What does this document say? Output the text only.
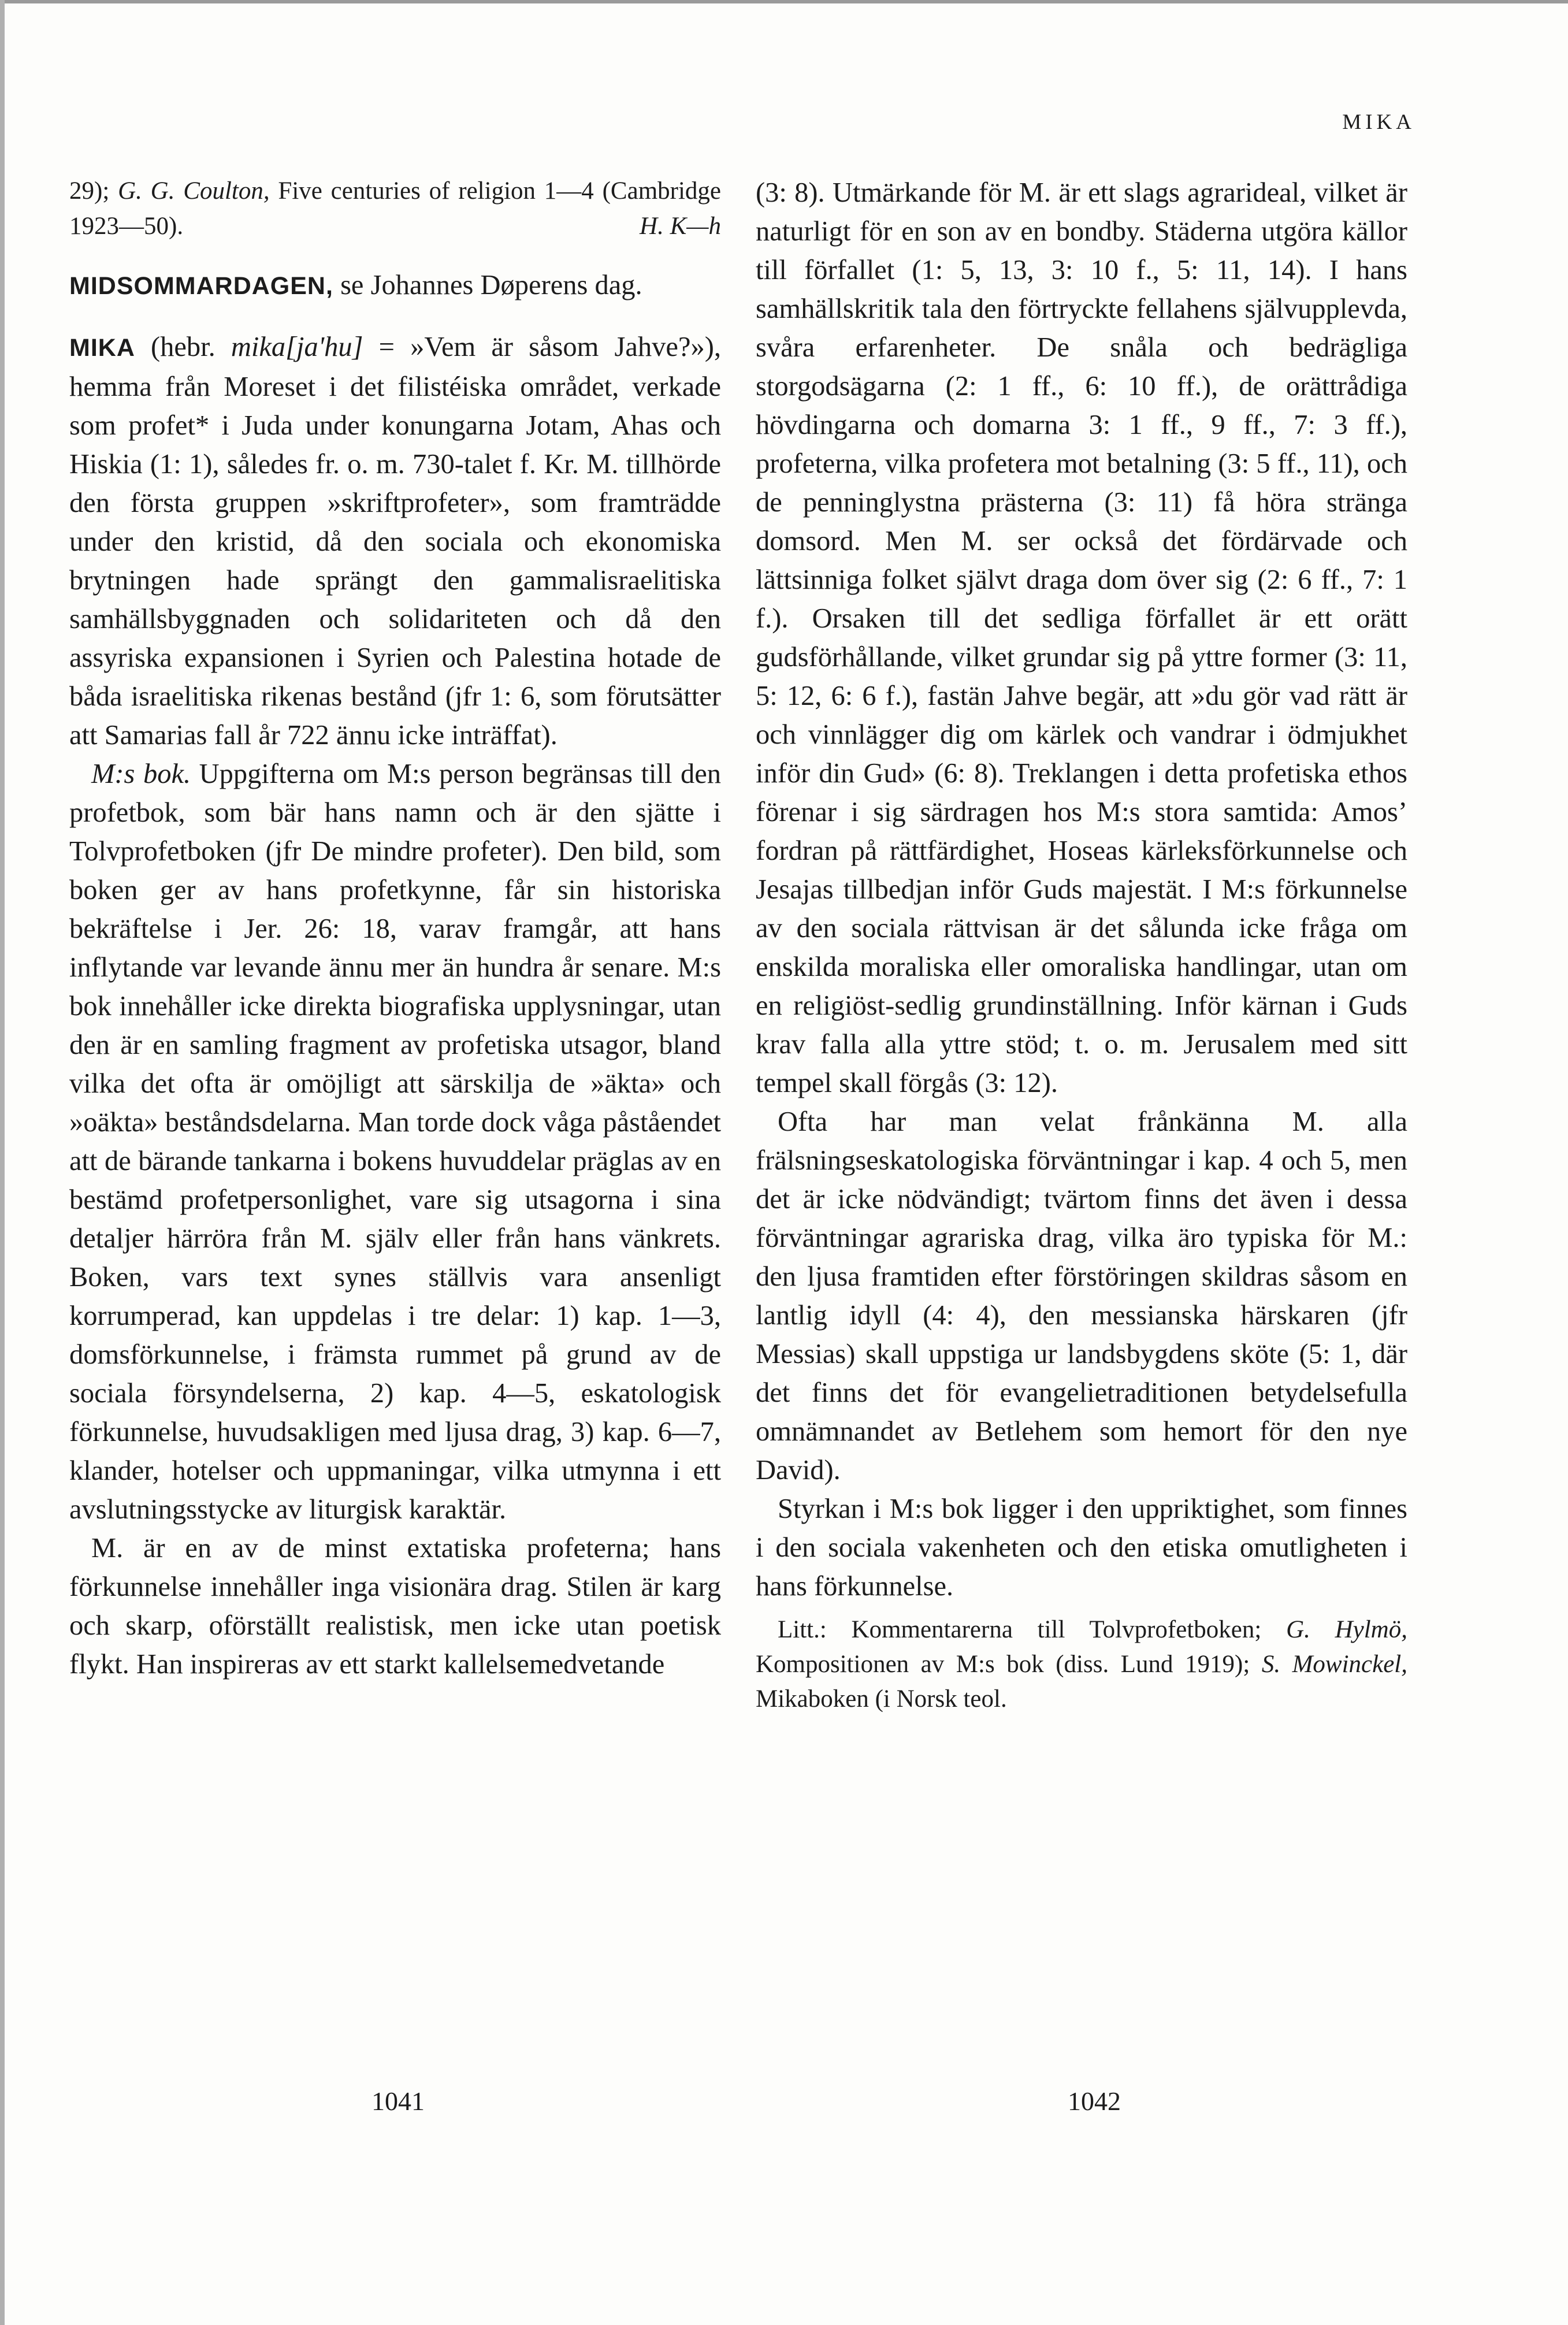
MIKA

29); G. G. Coulton, Five centuries of religion 1—4 (Cambridge 1923—50).	H. K—h

MIDSOMMARDAGEN, se Johannes Døperens dag.

MIKA (hebr. mika[ja'hu] = »Vem är såsom Jahve?»), hemma från Moreset i det filistéiska området, verkade som profet* i Juda under konungarna Jotam, Ahas och Hiskia (1: 1), således fr. o. m. 730-talet f. Kr. M. tillhörde den första gruppen »skriftprofeter», som framträdde under den kristid, då den sociala och ekonomiska brytningen hade sprängt den gammalisraelitiska samhällsbyggnaden och solidariteten och då den assyriska expansionen i Syrien och Palestina hotade de båda israelitiska rikenas bestånd (jfr 1: 6, som förutsätter att Samarias fall år 722 ännu icke inträffat).

M:s bok. Uppgifterna om M:s person begränsas till den profetbok, som bär hans namn och är den sjätte i Tolvprofetboken (jfr De mindre profeter). Den bild, som boken ger av hans profetkynne, får sin historiska bekräftelse i Jer. 26: 18, varav framgår, att hans inflytande var levande ännu mer än hundra år senare. M:s bok innehåller icke direkta biografiska upplysningar, utan den är en samling fragment av profetiska utsagor, bland vilka det ofta är omöjligt att särskilja de »äkta» och »oäkta» beståndsdelarna. Man torde dock våga påståendet att de bärande tankarna i bokens huvuddelar präglas av en bestämd profetpersonlighet, vare sig utsagorna i sina detaljer härröra från M. själv eller från hans vänkrets. Boken, vars text synes ställvis vara ansenligt korrumperad, kan uppdelas i tre delar: 1) kap. 1—3, domsförkunnelse, i främsta rummet på grund av de sociala försyndelserna, 2) kap. 4—5, eskatologisk förkunnelse, huvudsakligen med ljusa drag, 3) kap. 6—7, klander, hotelser och uppmaningar, vilka utmynna i ett avslutningsstycke av liturgisk karaktär.

M. är en av de minst extatiska profeterna; hans förkunnelse innehåller inga visionära drag. Stilen är karg och skarp, oförställt realistisk, men icke utan poetisk flykt. Han inspireras av ett starkt kallelsemedvetande

(3: 8). Utmärkande för M. är ett slags agrarideal, vilket är naturligt för en son av en bondby. Städerna utgöra källor till förfallet (1: 5, 13, 3: 10 f., 5: 11, 14). I hans samhällskritik tala den förtryckte fellahens självupplevda, svåra erfarenheter. De snåla och bedrägliga storgodsägarna (2: 1 ff., 6: 10 ff.), de orättrådiga hövdingarna och domarna 3: 1 ff., 9 ff., 7: 3 ff.), profeterna, vilka profetera mot betalning (3: 5 ff., 11), och de penninglystna prästerna (3: 11) få höra stränga domsord. Men M. ser också det fördärvade och lättsinniga folket självt draga dom över sig (2: 6 ff., 7: 1 f.). Orsaken till det sedliga förfallet är ett orätt gudsförhållande, vilket grundar sig på yttre former (3: 11, 5: 12, 6: 6 f.), fastän Jahve begär, att »du gör vad rätt är och vinnlägger dig om kärlek och vandrar i ödmjukhet inför din Gud» (6: 8). Treklangen i detta profetiska ethos förenar i sig särdragen hos M:s stora samtida: Amos’ fordran på rättfärdighet, Hoseas kärleksförkunnelse och Jesajas tillbedjan inför Guds majestät. I M:s förkunnelse av den sociala rättvisan är det sålunda icke fråga om enskilda moraliska eller omoraliska handlingar, utan om en religiöst-sedlig grundinställning. Inför kärnan i Guds krav falla alla yttre stöd; t. o. m. Jerusalem med sitt tempel skall förgås (3: 12).

Ofta har man velat frånkänna M. alla frälsningseskatologiska förväntningar i kap. 4 och 5, men det är icke nödvändigt; tvärtom finns det även i dessa förväntningar agrariska drag, vilka äro typiska för M.: den ljusa framtiden efter förstöringen skildras såsom en lantlig idyll (4: 4), den messianska härskaren (jfr Messias) skall uppstiga ur landsbygdens sköte (5: 1, där det finns det för evangelietraditionen betydelsefulla omnämnandet av Betlehem som hemort för den nye David).

Styrkan i M:s bok ligger i den uppriktighet, som finnes i den sociala vakenheten och den etiska omutligheten i hans förkunnelse.

Litt.: Kommentarerna till Tolvprofetboken; G. Hylmö, Kompositionen av M:s bok (diss. Lund 1919); S. Mowinckel, Mikaboken (i Norsk teol.

1041	1042
